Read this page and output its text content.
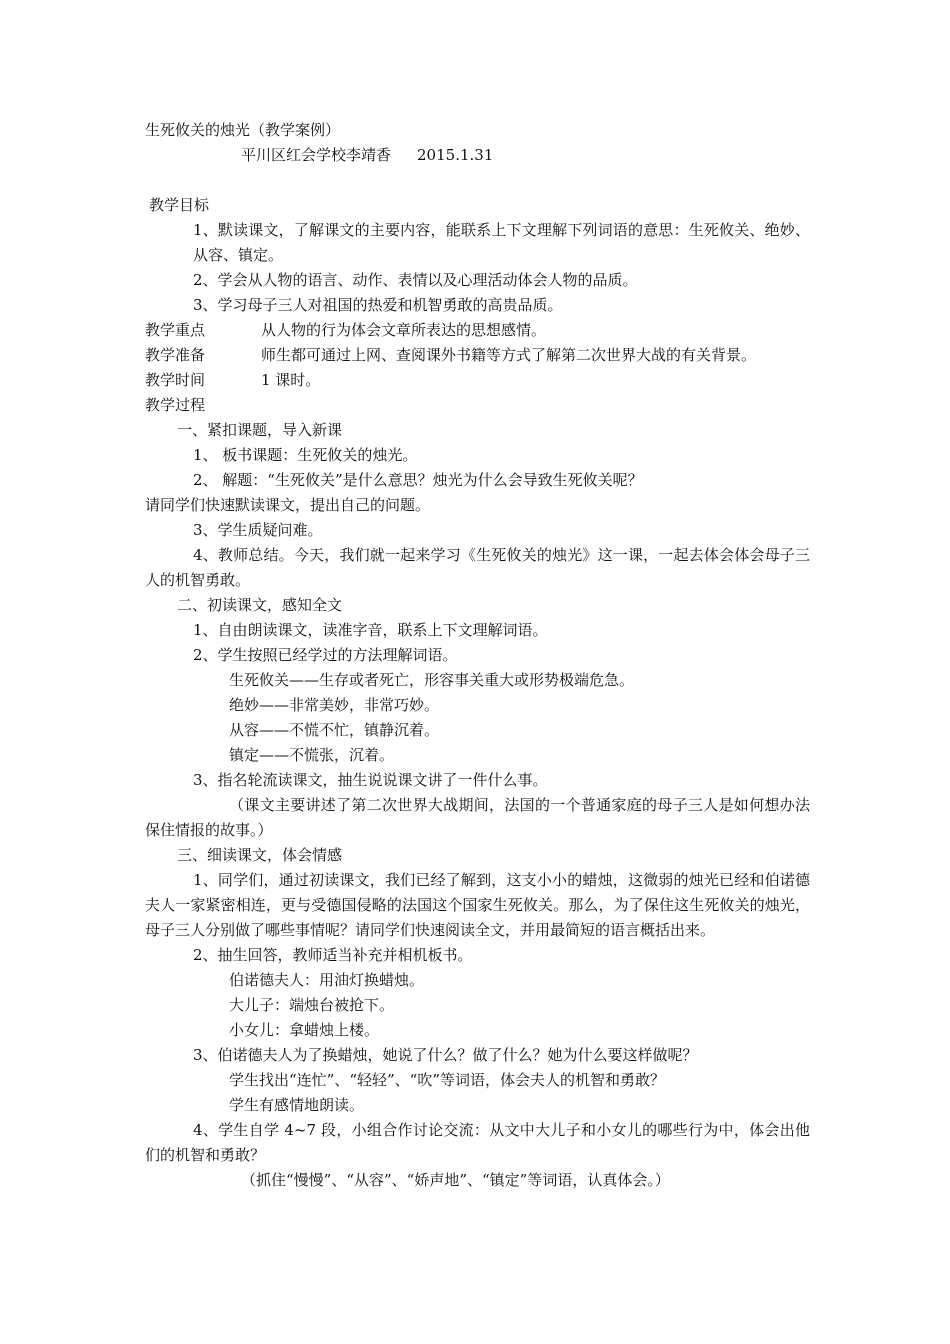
生死攸关的烛光（教学案例）

平川区红会学校李靖香 2015.1.31

教学目标

1、默读课文，了解课文的主要内容，能联系上下文理解下列词语的意思：生死攸关、绝妙、从容、镇定。

2、学会从人物的语言、动作、表情以及心理活动体会人物的品质。

3、学习母子三人对祖国的热爱和机智勇敢的高贵品质。

教学重点	从人物的行为体会文章所表达的思想感情。
教学准备	师生都可通过上网、查阅课外书籍等方式了解第二次世界大战的有关背景。
教学时间	1 课时。

教学过程

一、紧扣课题，导入新课

1、 板书课题：生死攸关的烛光。

2、 解题：“生死攸关”是什么意思？烛光为什么会导致生死攸关呢？

请同学们快速默读课文，提出自己的问题。

3、学生质疑问难。

4、教师总结。今天，我们就一起来学习《生死攸关的烛光》这一课，一起去体会体会母子三人的机智勇敢。

二、初读课文，感知全文

1、自由朗读课文，读准字音，联系上下文理解词语。

2、学生按照已经学过的方法理解词语。

生死攸关——生存或者死亡，形容事关重大或形势极端危急。

绝妙——非常美妙，非常巧妙。

从容——不慌不忙，镇静沉着。

镇定——不慌张，沉着。

3、指名轮流读课文，抽生说说课文讲了一件什么事。

（课文主要讲述了第二次世界大战期间，法国的一个普通家庭的母子三人是如何想办法保住情报的故事。）

三、细读课文，体会情感

1、同学们，通过初读课文，我们已经了解到，这支小小的蜡烛，这微弱的烛光已经和伯诺德夫人一家紧密相连，更与受德国侵略的法国这个国家生死攸关。那么，为了保住这生死攸关的烛光，母子三人分别做了哪些事情呢？请同学们快速阅读全文，并用最简短的语言概括出来。

2、抽生回答，教师适当补充并相机板书。

伯诺德夫人：用油灯换蜡烛。

大儿子：端烛台被抢下。

小女儿：拿蜡烛上楼。

3、伯诺德夫人为了换蜡烛，她说了什么？做了什么？她为什么要这样做呢？

学生找出“连忙”、“轻轻”、“吹”等词语，体会夫人的机智和勇敢？

学生有感情地朗读。

4、学生自学 4~7 段，小组合作讨论交流：从文中大儿子和小女儿的哪些行为中，体会出他们的机智和勇敢？

（抓住“慢慢”、“从容”、“娇声地”、“镇定”等词语，认真体会。）
